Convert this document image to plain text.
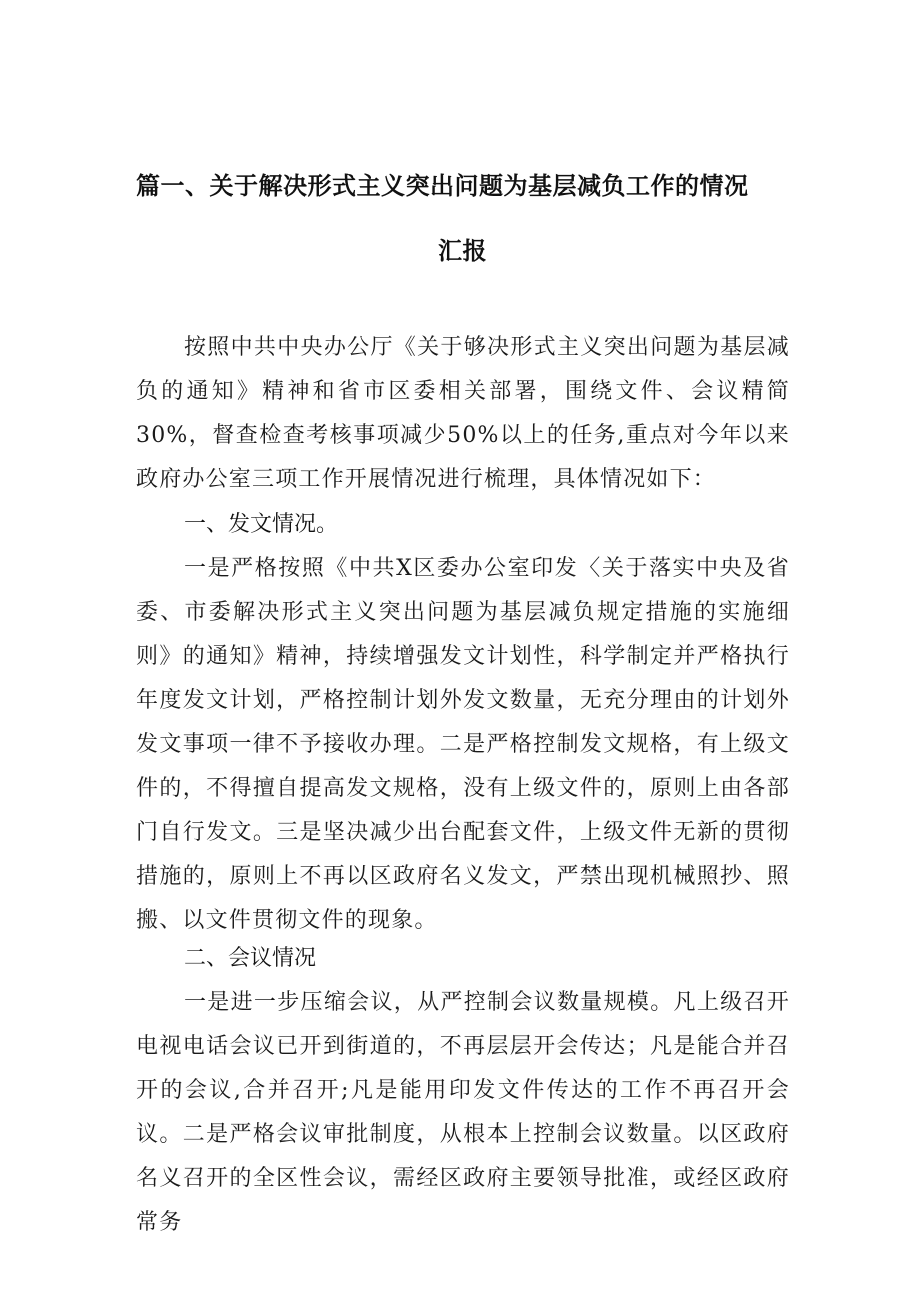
篇一、关于解决形式主义突出问题为基层减负工作的情况
汇报

按照中共中央办公厅《关于够决形式主义突出问题为基层减负的通知》精神和省市区委相关部署，围绕文件、会议精简30%，督查检查考核事项减少50%以上的任务,重点对今年以来政府办公室三项工作开展情况进行梳理，具体情况如下：

一、发文情况。

一是严格按照《中共X区委办公室印发〈关于落实中央及省委、市委解决形式主义突出问题为基层减负规定措施的实施细则》的通知》精神，持续增强发文计划性，科学制定并严格执行年度发文计划，严格控制计划外发文数量，无充分理由的计划外发文事项一律不予接收办理。二是严格控制发文规格，有上级文件的，不得擅自提高发文规格，没有上级文件的，原则上由各部门自行发文。三是坚决减少出台配套文件，上级文件无新的贯彻措施的，原则上不再以区政府名义发文，严禁出现机械照抄、照搬、以文件贯彻文件的现象。

二、会议情况

一是进一步压缩会议，从严控制会议数量规模。凡上级召开电视电话会议已开到街道的，不再层层开会传达；凡是能合并召开的会议,合并召开;凡是能用印发文件传达的工作不再召开会议。二是严格会议审批制度，从根本上控制会议数量。以区政府名义召开的全区性会议，需经区政府主要领导批准，或经区政府常务
